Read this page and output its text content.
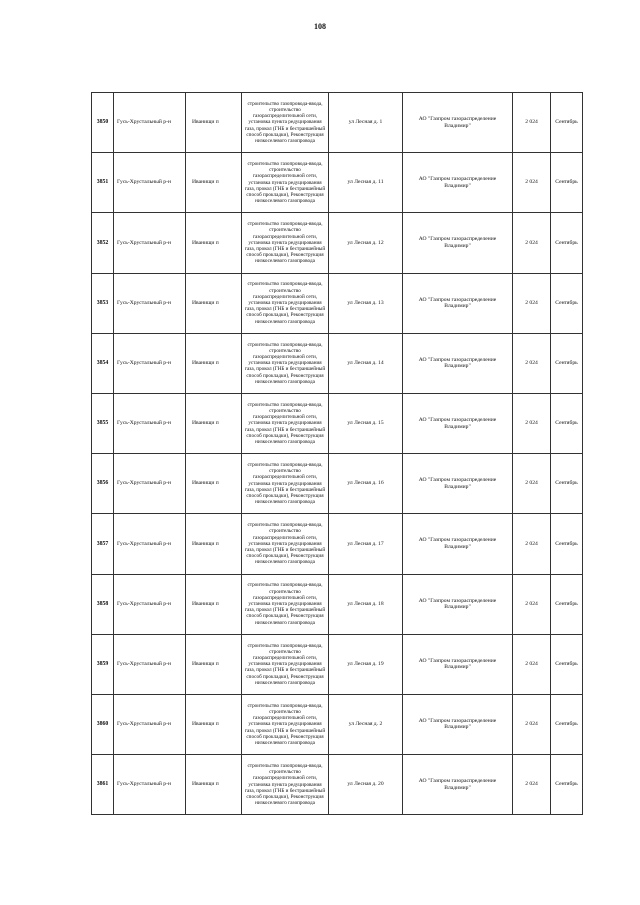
108
3850	Гусь-Хрустальный р-н	Иванищи п	строительство газопровода-ввода, строительство газораспределительной сети, установка пункта редуцирования газа, прокол (ГНБ и бестраншейный способ прокладки), Реконструкция низкоселевого газопровода	ул Лесная д. 1	АО "Газпром газораспределение Владимир"	2 024	Сентябрь
3851	Гусь-Хрустальный р-н	Иванищи п	строительство газопровода-ввода, строительство газораспределительной сети, установка пункта редуцирования газа, прокол (ГНБ и бестраншейный способ прокладки), Реконструкция низкоселевого газопровода	ул Лесная д. 11	АО "Газпром газораспределение Владимир"	2 024	Сентябрь
3852	Гусь-Хрустальный р-н	Иванищи п	строительство газопровода-ввода, строительство газораспределительной сети, установка пункта редуцирования газа, прокол (ГНБ и бестраншейный способ прокладки), Реконструкция низкоселевого газопровода	ул Лесная д. 12	АО "Газпром газораспределение Владимир"	2 024	Сентябрь
3853	Гусь-Хрустальный р-н	Иванищи п	строительство газопровода-ввода, строительство газораспределительной сети, установка пункта редуцирования газа, прокол (ГНБ и бестраншейный способ прокладки), Реконструкция низкоселевого газопровода	ул Лесная д. 13	АО "Газпром газораспределение Владимир"	2 024	Сентябрь
3854	Гусь-Хрустальный р-н	Иванищи п	строительство газопровода-ввода, строительство газораспределительной сети, установка пункта редуцирования газа, прокол (ГНБ и бестраншейный способ прокладки), Реконструкция низкоселевого газопровода	ул Лесная д. 14	АО "Газпром газораспределение Владимир"	2 024	Сентябрь
3855	Гусь-Хрустальный р-н	Иванищи п	строительство газопровода-ввода, строительство газораспределительной сети, установка пункта редуцирования газа, прокол (ГНБ и бестраншейный способ прокладки), Реконструкция низкоселевого газопровода	ул Лесная д. 15	АО "Газпром газораспределение Владимир"	2 024	Сентябрь
3856	Гусь-Хрустальный р-н	Иванищи п	строительство газопровода-ввода, строительство газораспределительной сети, установка пункта редуцирования газа, прокол (ГНБ и бестраншейный способ прокладки), Реконструкция низкоселевого газопровода	ул Лесная д. 16	АО "Газпром газораспределение Владимир"	2 024	Сентябрь
3857	Гусь-Хрустальный р-н	Иванищи п	строительство газопровода-ввода, строительство газораспределительной сети, установка пункта редуцирования газа, прокол (ГНБ и бестраншейный способ прокладки), Реконструкция низкоселевого газопровода	ул Лесная д. 17	АО "Газпром газораспределение Владимир"	2 024	Сентябрь
3858	Гусь-Хрустальный р-н	Иванищи п	строительство газопровода-ввода, строительство газораспределительной сети, установка пункта редуцирования газа, прокол (ГНБ и бестраншейный способ прокладки), Реконструкция низкоселевого газопровода	ул Лесная д. 18	АО "Газпром газораспределение Владимир"	2 024	Сентябрь
3859	Гусь-Хрустальный р-н	Иванищи п	строительство газопровода-ввода, строительство газораспределительной сети, установка пункта редуцирования газа, прокол (ГНБ и бестраншейный способ прокладки), Реконструкция низкоселевого газопровода	ул Лесная д. 19	АО "Газпром газораспределение Владимир"	2 024	Сентябрь
3860	Гусь-Хрустальный р-н	Иванищи п	строительство газопровода-ввода, строительство газораспределительной сети, установка пункта редуцирования газа, прокол (ГНБ и бестраншейный способ прокладки), Реконструкция низкоселевого газопровода	ул Лесная д. 2	АО "Газпром газораспределение Владимир"	2 024	Сентябрь
3861	Гусь-Хрустальный р-н	Иванищи п	строительство газопровода-ввода, строительство газораспределительной сети, установка пункта редуцирования газа, прокол (ГНБ и бестраншейный способ прокладки), Реконструкция низкоселевого газопровода	ул Лесная д. 20	АО "Газпром газораспределение Владимир"	2 024	Сентябрь
